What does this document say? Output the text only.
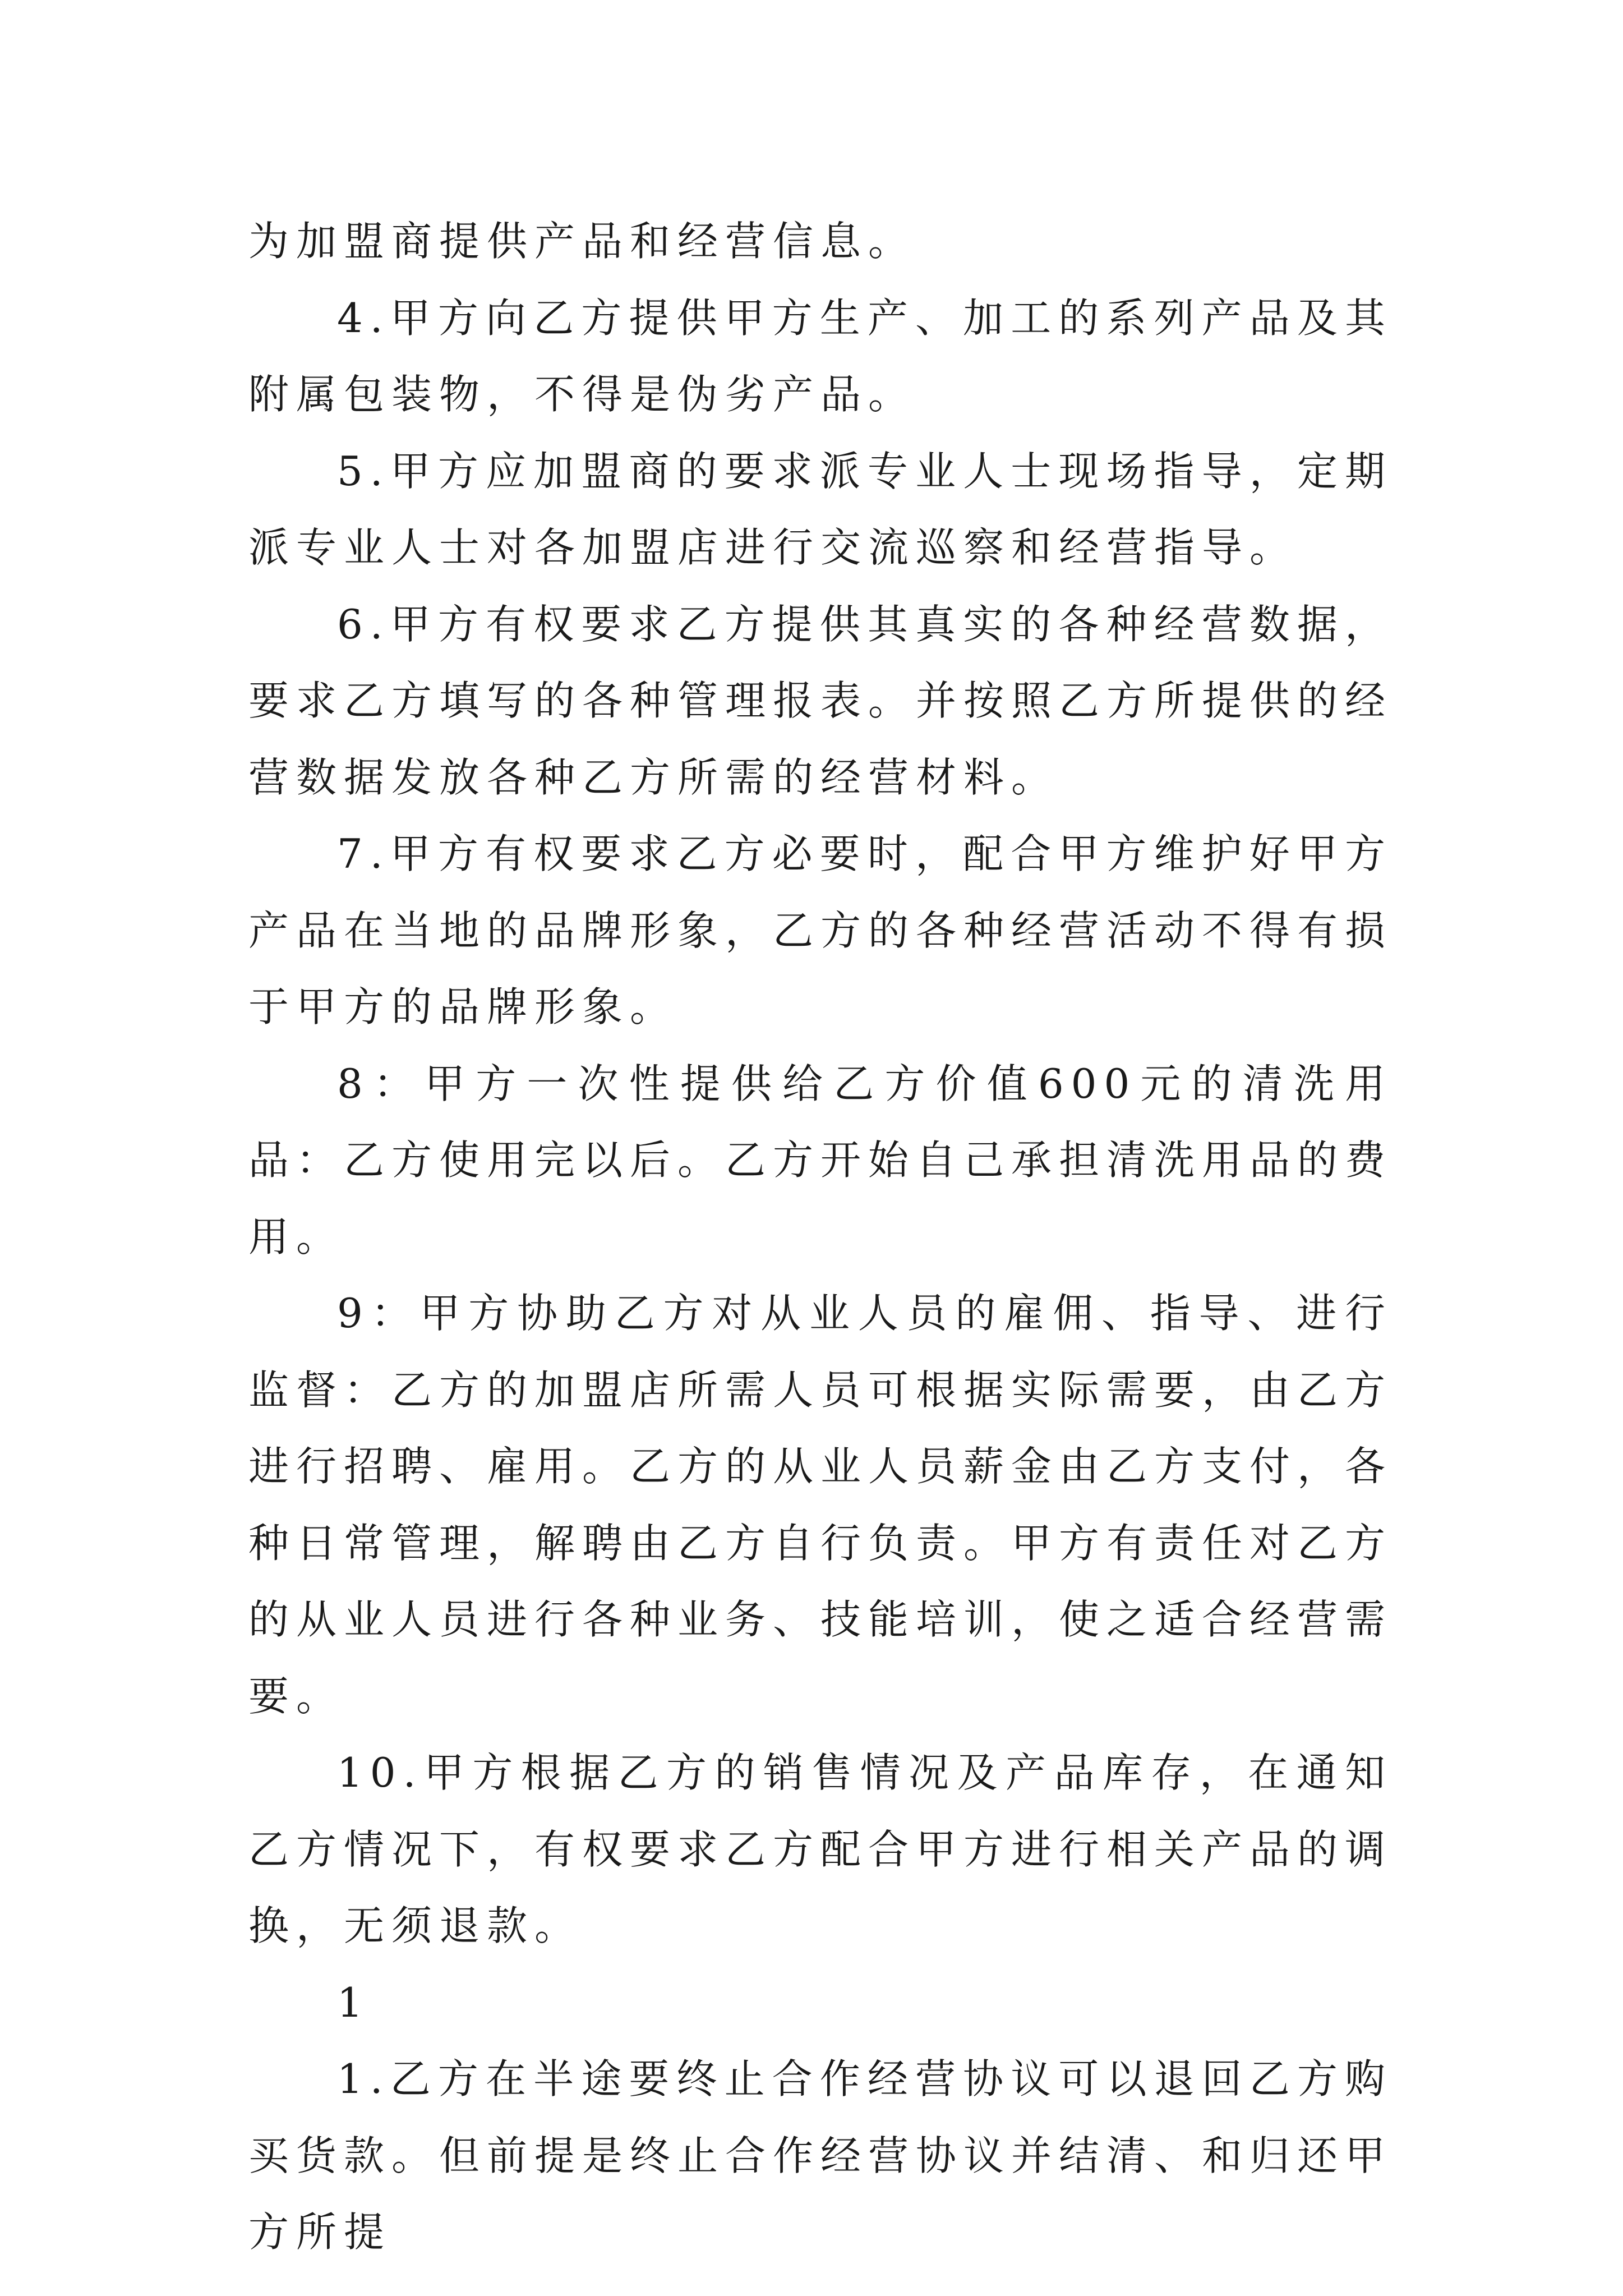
为加盟商提供产品和经营信息。

4.甲方向乙方提供甲方生产、加工的系列产品及其附属包装物，不得是伪劣产品。

5.甲方应加盟商的要求派专业人士现场指导，定期派专业人士对各加盟店进行交流巡察和经营指导。

6.甲方有权要求乙方提供其真实的各种经营数据，要求乙方填写的各种管理报表。并按照乙方所提供的经营数据发放各种乙方所需的经营材料。

7.甲方有权要求乙方必要时，配合甲方维护好甲方产品在当地的品牌形象，乙方的各种经营活动不得有损于甲方的品牌形象。

8：甲方一次性提供给乙方价值600元的清洗用品：乙方使用完以后。乙方开始自己承担清洗用品的费用。

9：甲方协助乙方对从业人员的雇佣、指导、进行监督：乙方的加盟店所需人员可根据实际需要，由乙方进行招聘、雇用。乙方的从业人员薪金由乙方支付，各种日常管理，解聘由乙方自行负责。甲方有责任对乙方的从业人员进行各种业务、技能培训，使之适合经营需要。

10.甲方根据乙方的销售情况及产品库存，在通知乙方情况下，有权要求乙方配合甲方进行相关产品的调换，无须退款。

1

1.乙方在半途要终止合作经营协议可以退回乙方购买货款。但前提是终止合作经营协议并结清、和归还甲方所提
